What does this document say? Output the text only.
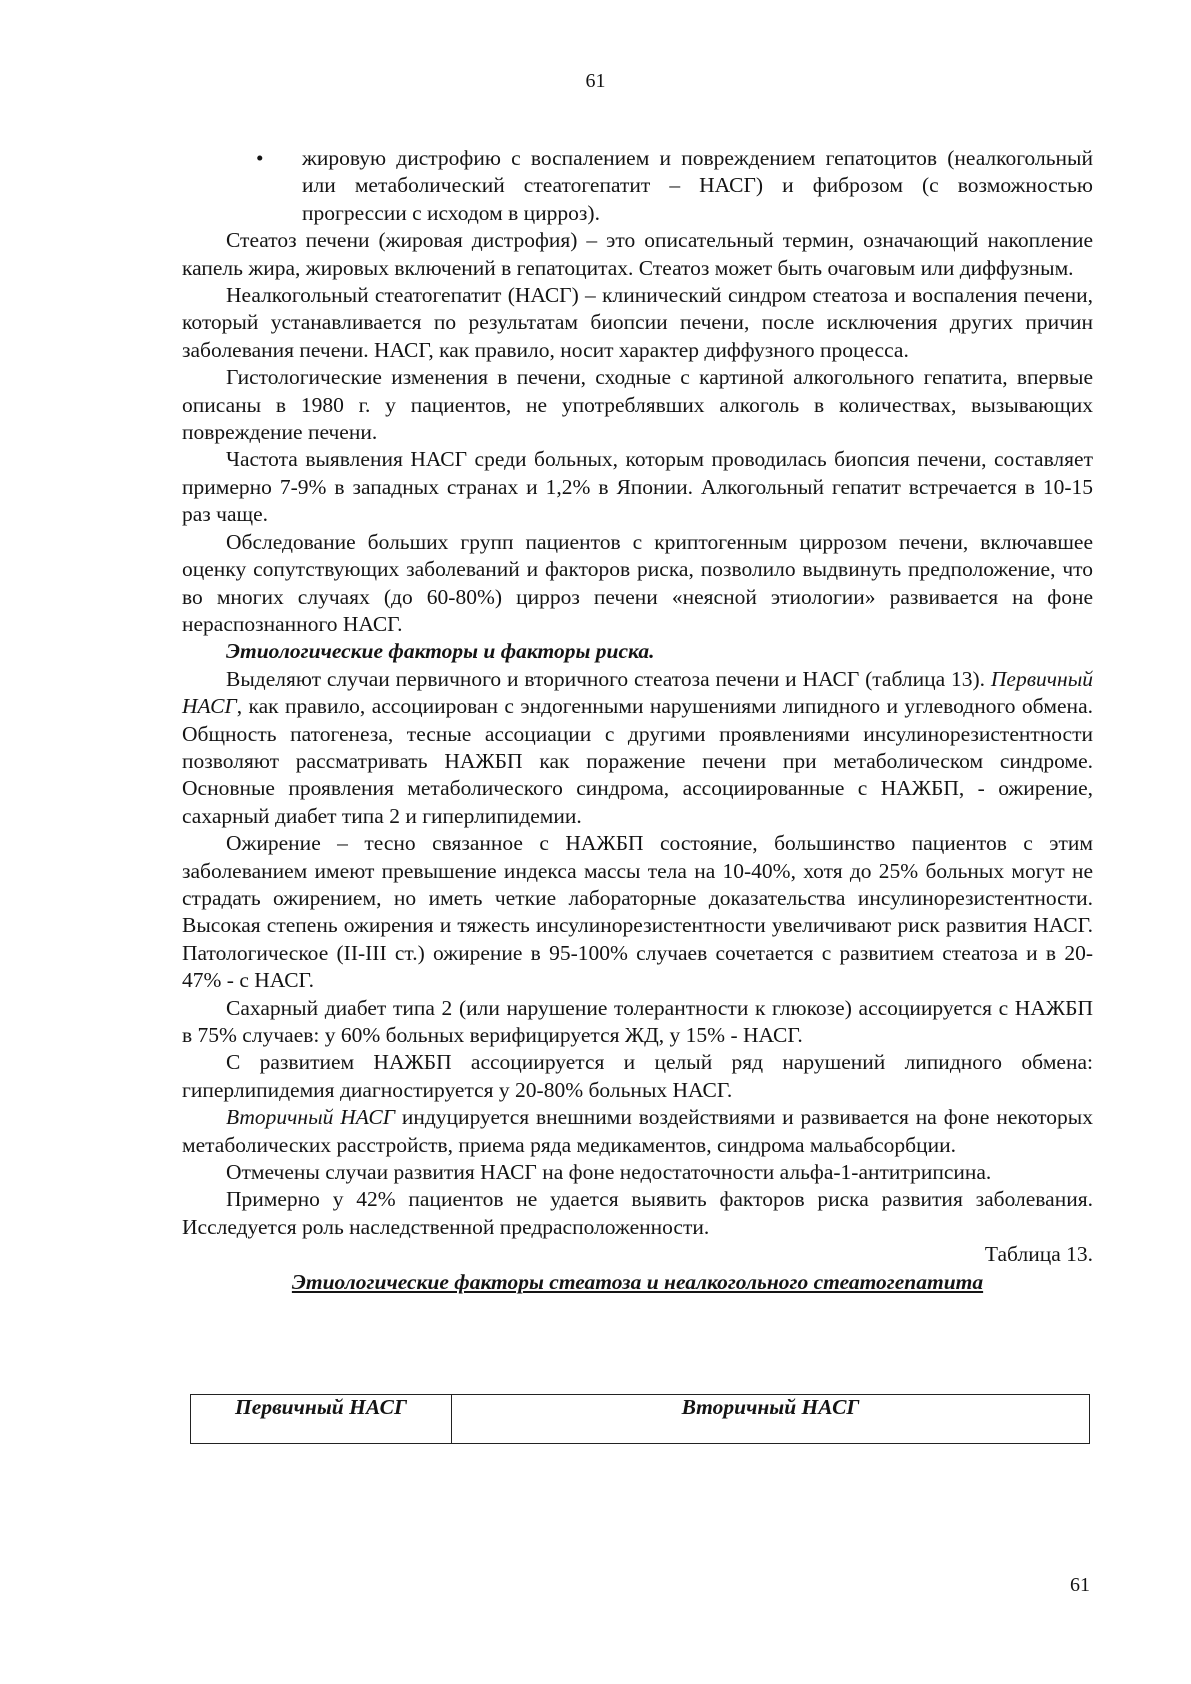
61
•	жировую дистрофию с воспалением и повреждением гепатоцитов (неалкогольный или метаболический стеатогепатит – НАСГ) и фиброзом (с возможностью прогрессии с исходом в цирроз).

Стеатоз печени (жировая дистрофия) – это описательный термин, означающий накопление капель жира, жировых включений в гепатоцитах. Стеатоз может быть очаговым или диффузным.

Неалкогольный стеатогепатит (НАСГ) – клинический синдром стеатоза и воспаления печени, который устанавливается по результатам биопсии печени, после исключения других причин заболевания печени. НАСГ, как правило, носит характер диффузного процесса.

Гистологические изменения в печени, сходные с картиной алкогольного гепатита, впервые описаны в 1980 г. у пациентов, не употреблявших алкоголь в количествах, вызывающих повреждение печени.

Частота выявления НАСГ среди больных, которым проводилась биопсия печени, составляет примерно 7-9% в западных странах и 1,2% в Японии. Алкогольный гепатит встречается в 10-15 раз чаще.

Обследование больших групп пациентов с криптогенным циррозом печени, включавшее оценку сопутствующих заболеваний и факторов риска, позволило выдвинуть предположение, что во многих случаях (до 60-80%) цирроз печени «неясной этиологии» развивается на фоне нераспознанного НАСГ.

Этиологические факторы и факторы риска.

Выделяют случаи первичного и вторичного стеатоза печени и НАСГ (таблица 13). Первичный НАСГ, как правило, ассоциирован с эндогенными нарушениями липидного и углеводного обмена. Общность патогенеза, тесные ассоциации с другими проявлениями инсулинорезистентности позволяют рассматривать НАЖБП как поражение печени при метаболическом синдроме. Основные проявления метаболического синдрома, ассоциированные с НАЖБП, - ожирение, сахарный диабет типа 2 и гиперлипидемии.

Ожирение – тесно связанное с НАЖБП состояние, большинство пациентов с этим заболеванием имеют превышение индекса массы тела на 10-40%, хотя до 25% больных могут не страдать ожирением, но иметь четкие лабораторные доказательства инсулинорезистентности. Высокая степень ожирения и тяжесть инсулинорезистентности увеличивают риск развития НАСГ. Патологическое (II-III ст.) ожирение в 95-100% случаев сочетается с развитием стеатоза и в 20-47% - с НАСГ.

Сахарный диабет типа 2 (или нарушение толерантности к глюкозе) ассоциируется с НАЖБП в 75% случаев: у 60% больных верифицируется ЖД, у 15% - НАСГ.

С развитием НАЖБП ассоциируется и целый ряд нарушений липидного обмена: гиперлипидемия диагностируется у 20-80% больных НАСГ.

Вторичный НАСГ индуцируется внешними воздействиями и развивается на фоне некоторых метаболических расстройств, приема ряда медикаментов, синдрома мальабсорбции.

Отмечены случаи развития НАСГ на фоне недостаточности альфа-1-антитрипсина.

Примерно у 42% пациентов не удается выявить факторов риска развития заболевания. Исследуется роль наследственной предрасположенности.

Таблица 13.

Этиологические факторы стеатоза и неалкогольного стеатогепатита

Первичный НАСГ	Вторичный НАСГ
61
